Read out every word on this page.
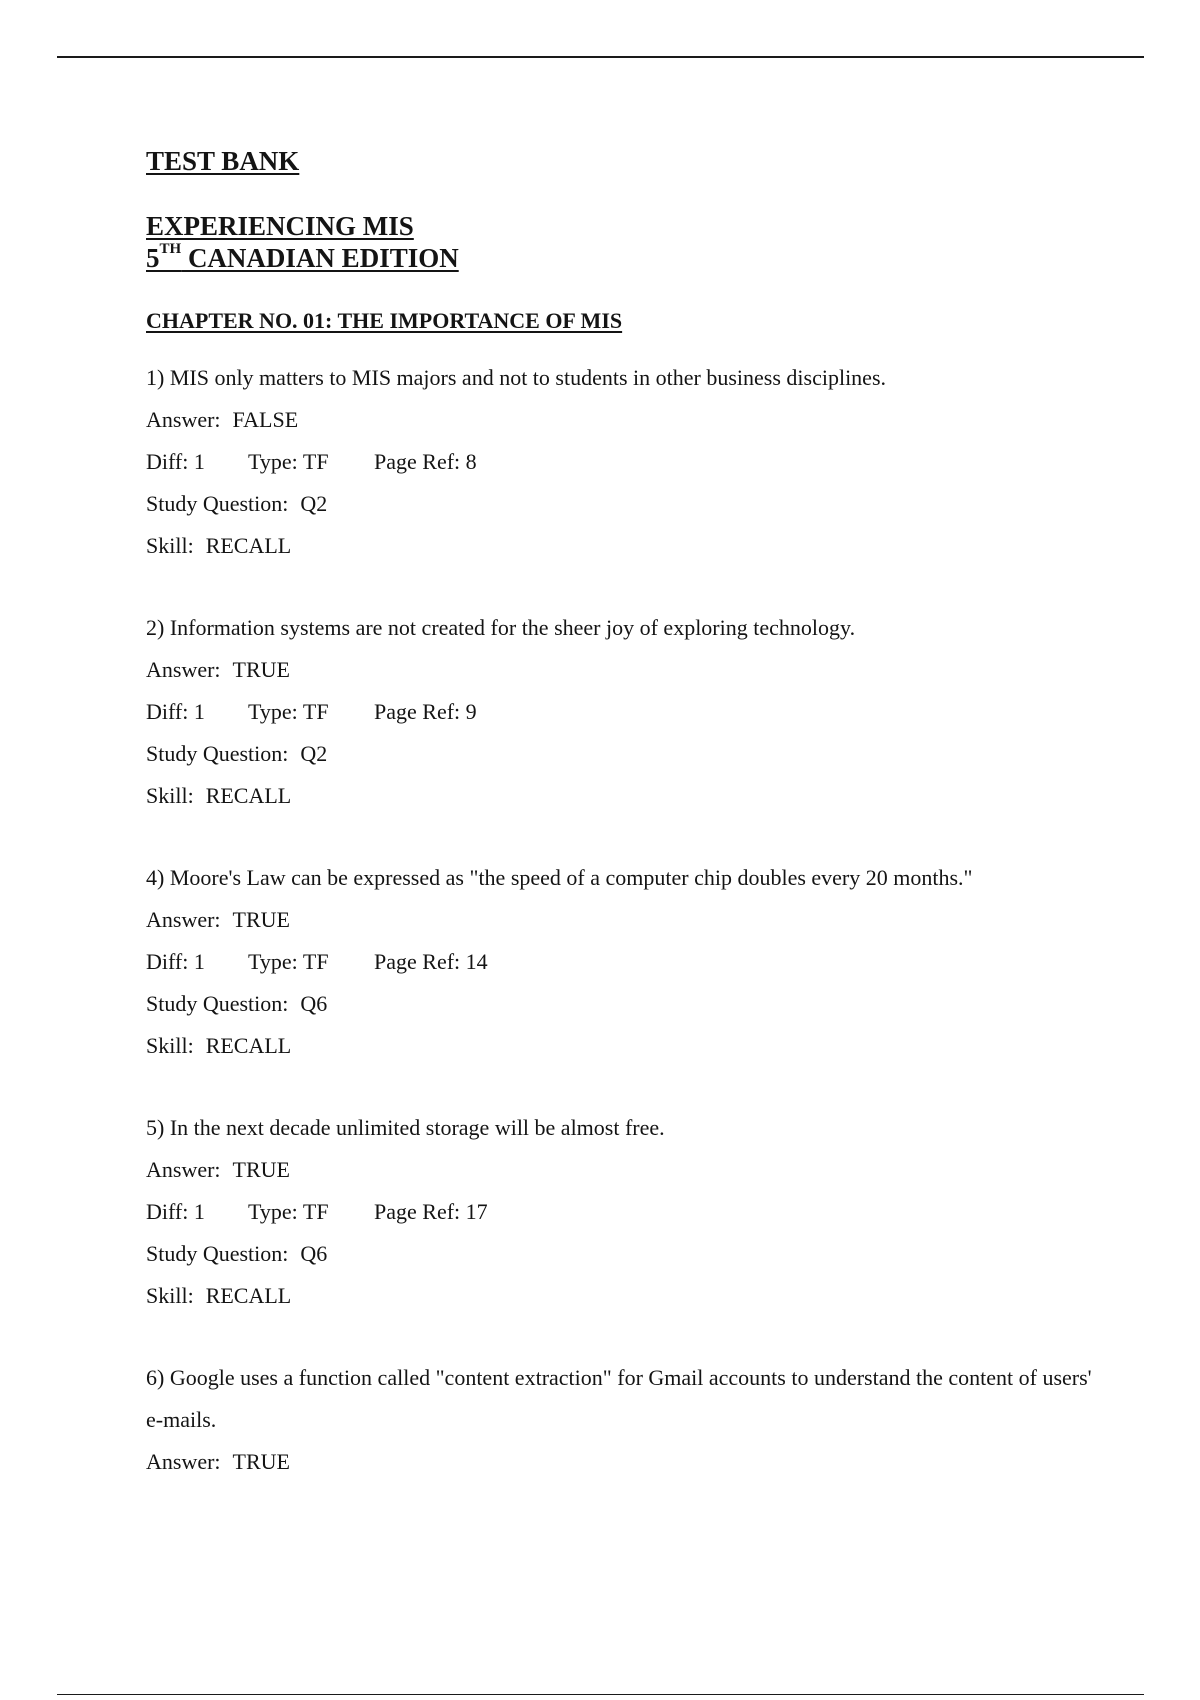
TEST BANK
EXPERIENCING MIS
5TH CANADIAN EDITION
CHAPTER NO. 01: THE IMPORTANCE OF MIS
1) MIS only matters to MIS majors and not to students in other business disciplines.
Answer: FALSE
Diff: 1 Type: TF Page Ref: 8
Study Question: Q2
Skill: RECALL
2) Information systems are not created for the sheer joy of exploring technology.
Answer: TRUE
Diff: 1 Type: TF Page Ref: 9
Study Question: Q2
Skill: RECALL
4) Moore's Law can be expressed as "the speed of a computer chip doubles every 20 months."
Answer: TRUE
Diff: 1 Type: TF Page Ref: 14
Study Question: Q6
Skill: RECALL
5) In the next decade unlimited storage will be almost free.
Answer: TRUE
Diff: 1 Type: TF Page Ref: 17
Study Question: Q6
Skill: RECALL
6) Google uses a function called "content extraction" for Gmail accounts to understand the content of users' e-mails.
Answer: TRUE
